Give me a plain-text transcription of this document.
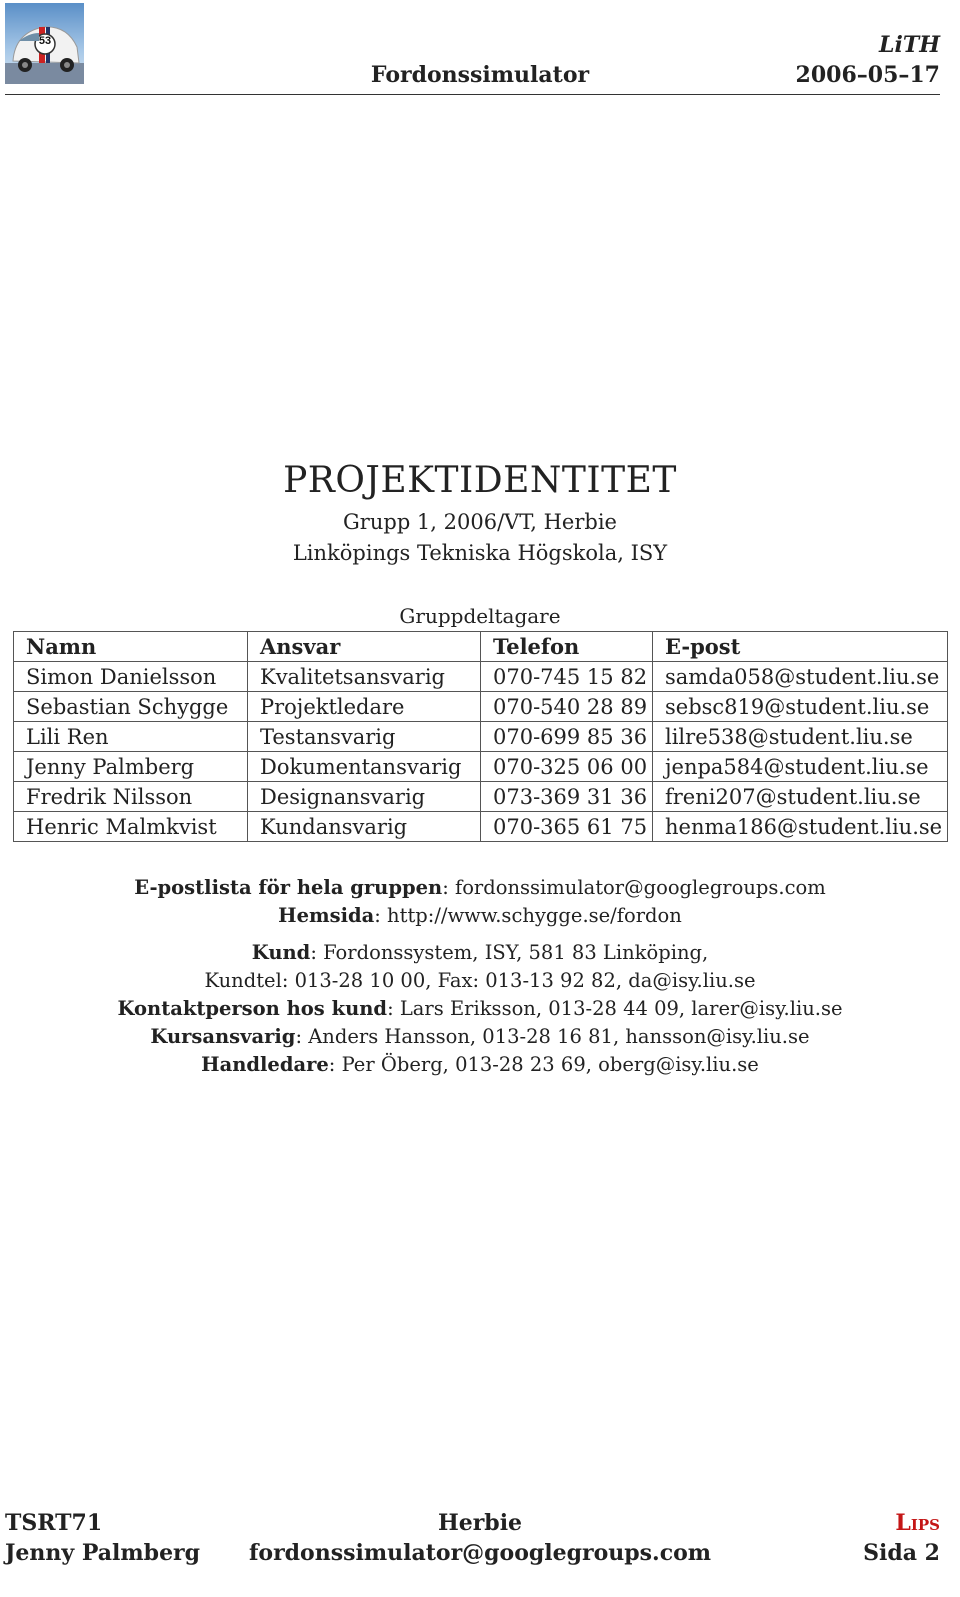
53	LiTH
Fordonssimulator	2006–05–17
PROJEKTIDENTITET
Grupp 1, 2006/VT, Herbie
Linköpings Tekniska Högskola, ISY
Gruppdeltagare
Namn	Ansvar	Telefon	E-post
Simon Danielsson	Kvalitetsansvarig	070-745 15 82	samda058@student.liu.se
Sebastian Schygge	Projektledare	070-540 28 89	sebsc819@student.liu.se
Lili Ren	Testansvarig	070-699 85 36	lilre538@student.liu.se
Jenny Palmberg	Dokumentansvarig	070-325 06 00	jenpa584@student.liu.se
Fredrik Nilsson	Designansvarig	073-369 31 36	freni207@student.liu.se
Henric Malmkvist	Kundansvarig	070-365 61 75	henma186@student.liu.se
E-postlista för hela gruppen: fordonssimulator@googlegroups.com
Hemsida: http://www.schygge.se/fordon
Kund: Fordonssystem, ISY, 581 83 Linköping,
Kundtel: 013-28 10 00, Fax: 013-13 92 82, da@isy.liu.se
Kontaktperson hos kund: Lars Eriksson, 013-28 44 09, larer@isy.liu.se
Kursansvarig: Anders Hansson, 013-28 16 81, hansson@isy.liu.se
Handledare: Per Öberg, 013-28 23 69, oberg@isy.liu.se
TSRT71	Herbie	Lips
Jenny Palmberg	fordonssimulator@googlegroups.com	Sida 2
